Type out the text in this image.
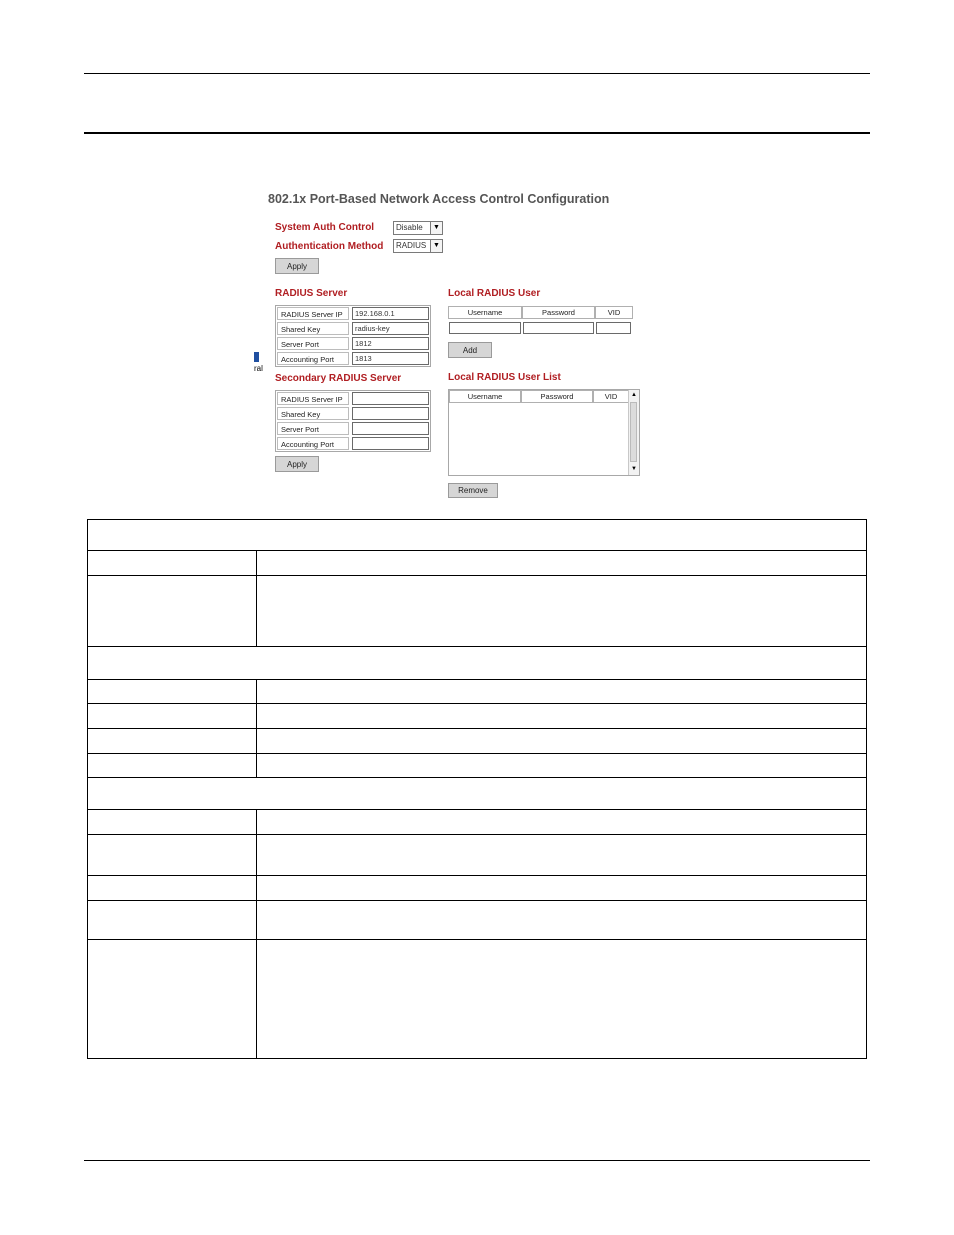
802.1x Port-Based Network Access Control Configuration
System Auth Control	Disable	▼
Authentication Method RADIUS ▼
Apply
RADIUS Server
RADIUS Server IP	192.168.0.1
Shared Key	radius-key
Server Port	1812
Accounting Port	1813
ral
Secondary RADIUS Server
RADIUS Server IP
Shared Key
Server Port
Accounting Port
Apply
Local RADIUS User
Username	Password	VID
Add
Local RADIUS User List
Username	Password	VID	▲
▼
Remove
